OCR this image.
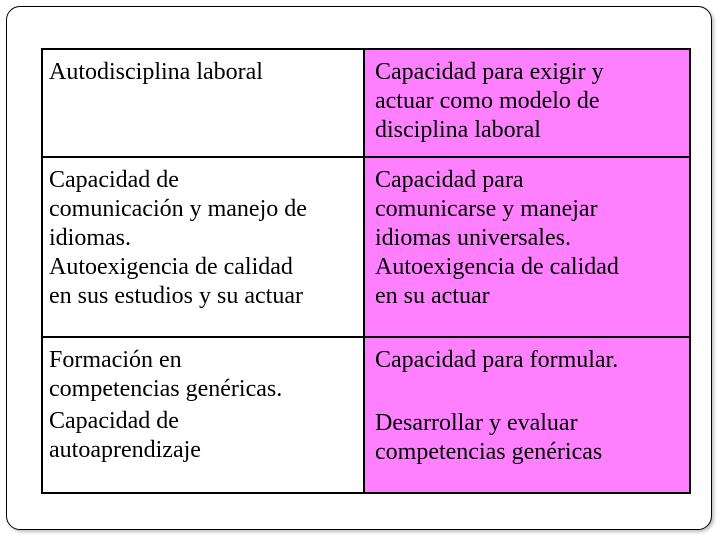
Autodisciplina laboral	Capacidad para exigir y
actuar como modelo de
disciplina laboral
Capacidad de
comunicación y manejo de
idiomas.
Autoexigencia de calidad
en sus estudios y su actuar
Capacidad para
comunicarse y manejar
idiomas universales.
Autoexigencia de calidad
en su actuar
Formación en
competencias genéricas.
Capacidad de
autoaprendizaje
Capacidad para formular.
Desarrollar y evaluar
competencias genéricas
